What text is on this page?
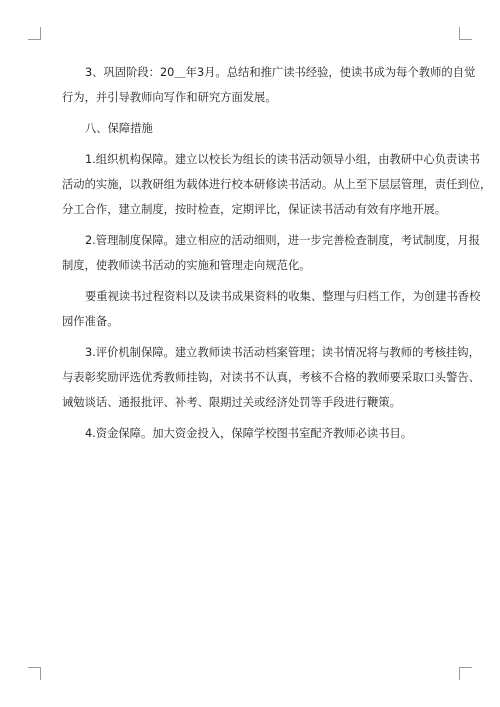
3、巩固阶段：20＿年3月。总结和推广读书经验，使读书成为每个教师的自觉
行为，并引导教师向写作和研究方面发展。

八、保障措施

1.组织机构保障。建立以校长为组长的读书活动领导小组，由教研中心负责读书
活动的实施，以教研组为载体进行校本研修读书活动。从上至下层层管理，责任到位，
分工合作，建立制度，按时检查，定期评比，保证读书活动有效有序地开展。

2.管理制度保障。建立相应的活动细则，进一步完善检查制度，考试制度，月报
制度，使教师读书活动的实施和管理走向规范化。

要重视读书过程资料以及读书成果资料的收集、整理与归档工作，为创建书香校
园作准备。

3.评价机制保障。建立教师读书活动档案管理；读书情况将与教师的考核挂钩，
与表彰奖励评选优秀教师挂钩，对读书不认真，考核不合格的教师要采取口头警告、
诫勉谈话、通报批评、补考、限期过关或经济处罚等手段进行鞭策。

4.资金保障。加大资金投入，保障学校图书室配齐教师必读书目。
